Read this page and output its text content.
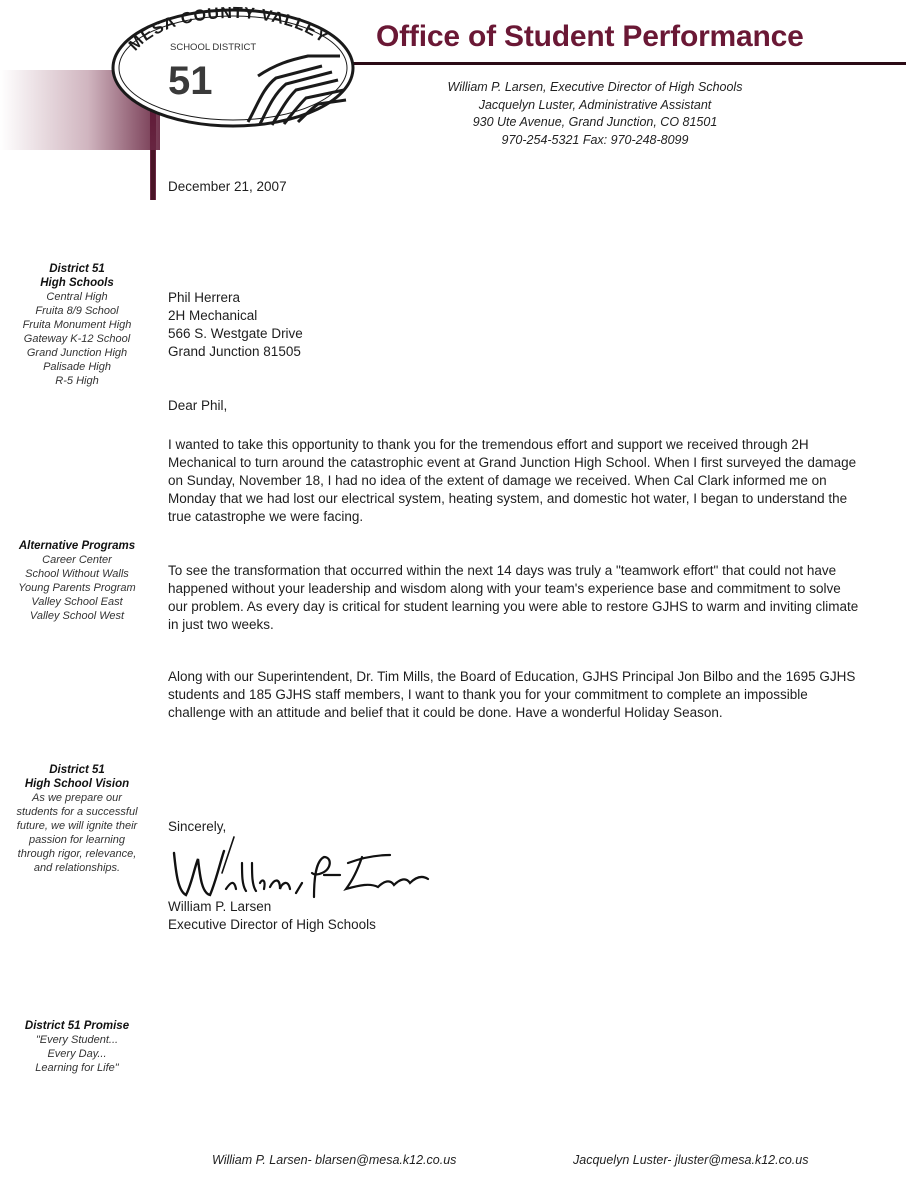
MESA COUNTY VALLEY
SCHOOL DISTRICT
51
Office of Student Performance
William P. Larsen, Executive Director of High Schools
Jacquelyn Luster, Administrative Assistant
930 Ute Avenue, Grand Junction, CO 81501
970-254-5321 Fax: 970-248-8099
District 51
High Schools
Central High
Fruita 8/9 School
Fruita Monument High
Gateway K-12 School
Grand Junction High
Palisade High
R-5 High
Alternative Programs
Career Center
School Without Walls
Young Parents Program
Valley School East
Valley School West
District 51
High School Vision
As we prepare our
students for a successful
future, we will ignite their
passion for learning
through rigor, relevance,
and relationships.
District 51 Promise
"Every Student...
Every Day...
Learning for Life"
December 21, 2007
Phil Herrera
2H Mechanical
566 S. Westgate Drive
Grand Junction 81505
Dear Phil,
I wanted to take this opportunity to thank you for the tremendous effort and support we received through 2H Mechanical to turn around the catastrophic event at Grand Junction High School. When I first surveyed the damage on Sunday, November 18, I had no idea of the extent of damage we received. When Cal Clark informed me on Monday that we had lost our electrical system, heating system, and domestic hot water, I began to understand the true catastrophe we were facing.
To see the transformation that occurred within the next 14 days was truly a "teamwork effort" that could not have happened without your leadership and wisdom along with your team's experience base and commitment to solve our problem. As every day is critical for student learning you were able to restore GJHS to warm and inviting climate in just two weeks.
Along with our Superintendent, Dr. Tim Mills, the Board of Education, GJHS Principal Jon Bilbo and the 1695 GJHS students and 185 GJHS staff members, I want to thank you for your commitment to complete an impossible challenge with an attitude and belief that it could be done. Have a wonderful Holiday Season.
Sincerely,
William P. Larsen
Executive Director of High Schools
William P. Larsen- blarsen@mesa.k12.co.us	Jacquelyn Luster- jluster@mesa.k12.co.us
